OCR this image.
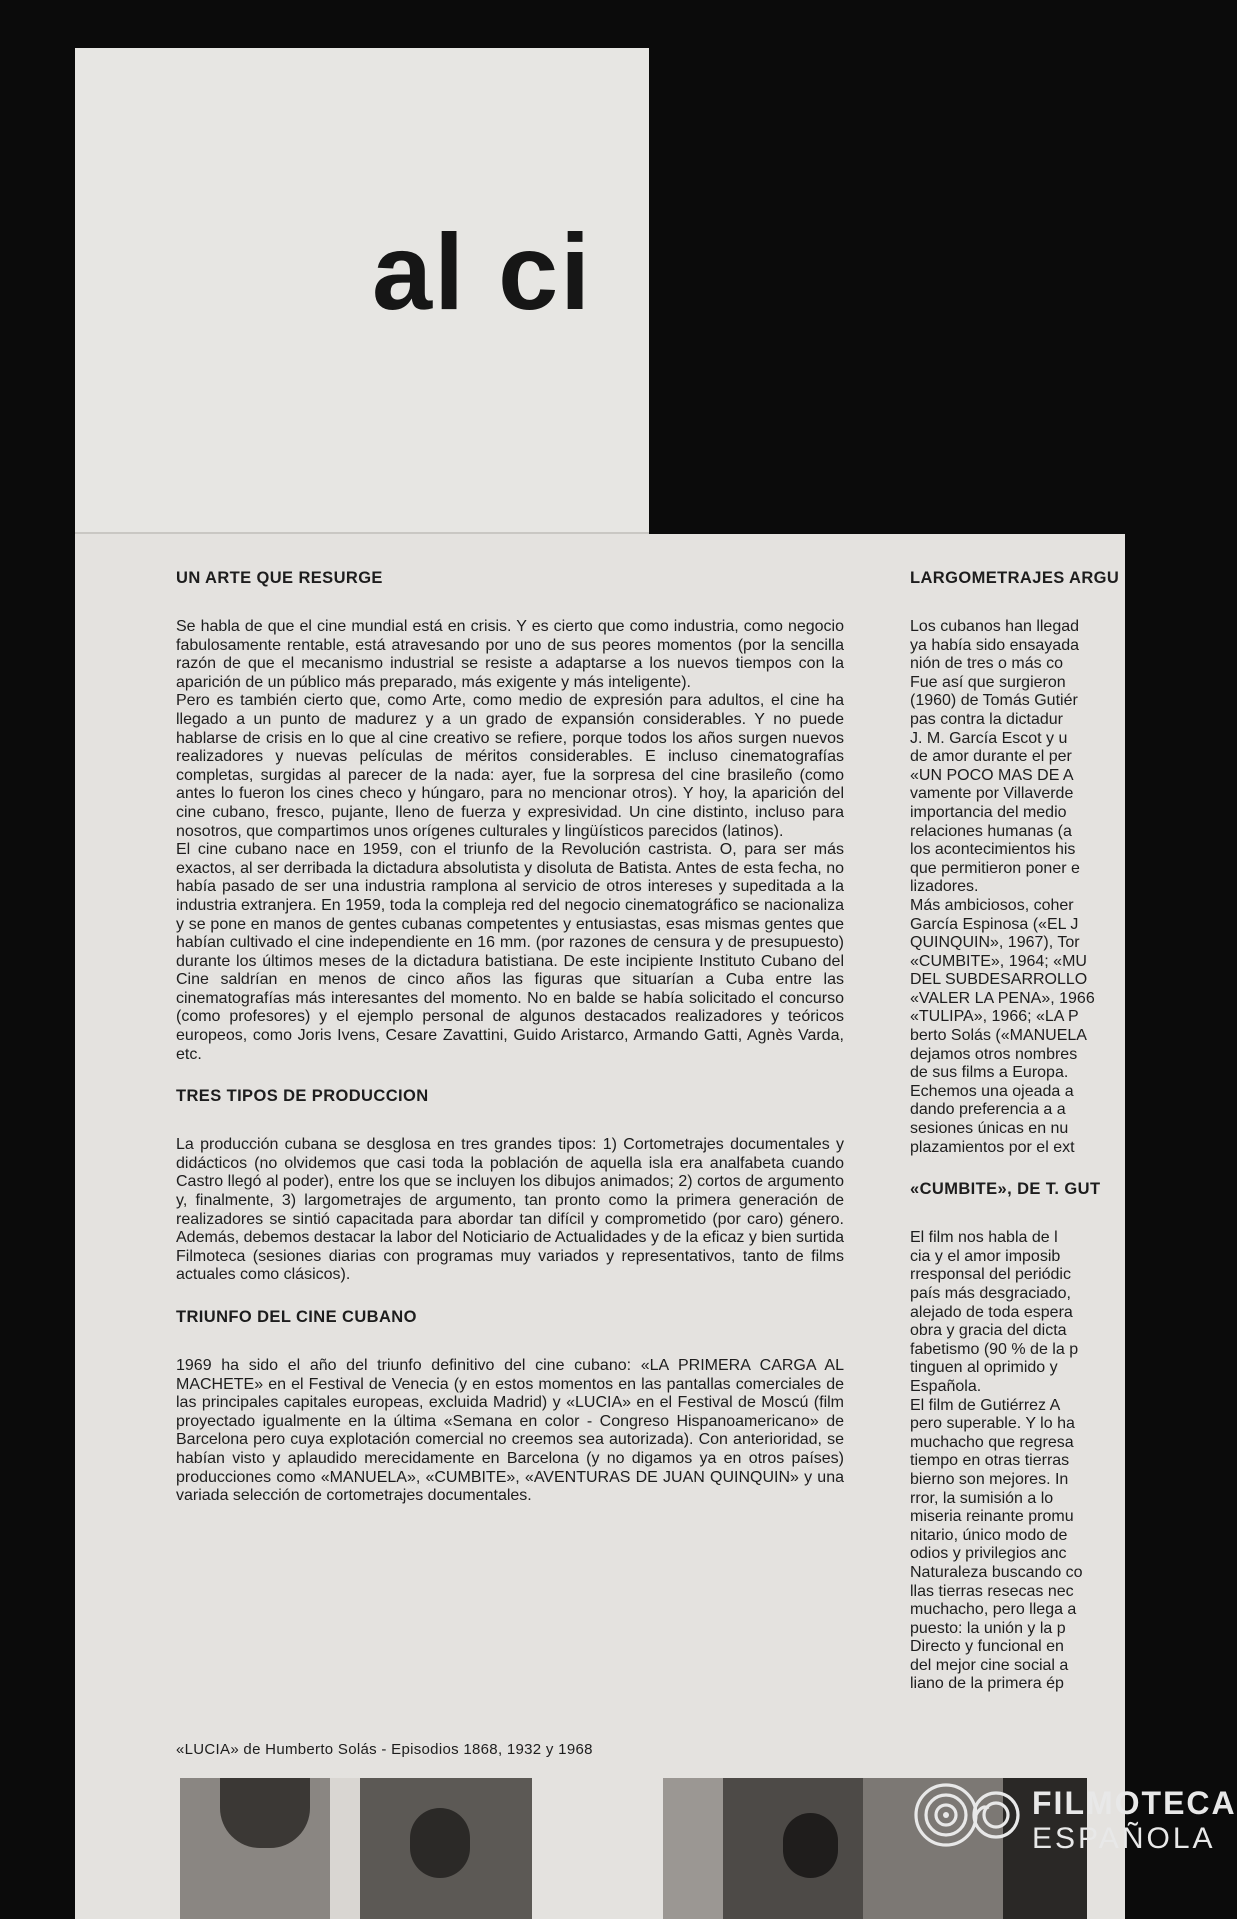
al ci
UN ARTE QUE RESURGE

Se habla de que el cine mundial está en crisis. Y es cierto que como industria, como negocio fabulosamente rentable, está atravesando por uno de sus peores momentos (por la sencilla razón de que el mecanismo industrial se resiste a adaptarse a los nuevos tiempos con la aparición de un público más preparado, más exigente y más inteligente).
Pero es también cierto que, como Arte, como medio de expresión para adultos, el cine ha llegado a un punto de madurez y a un grado de expansión considerables. Y no puede hablarse de crisis en lo que al cine creativo se refiere, porque todos los años surgen nuevos realizadores y nuevas películas de méritos considerables. E incluso cinematografías completas, surgidas al parecer de la nada: ayer, fue la sorpresa del cine brasileño (como antes lo fueron los cines checo y húngaro, para no mencionar otros). Y hoy, la aparición del cine cubano, fresco, pujante, lleno de fuerza y expresividad. Un cine distinto, incluso para nosotros, que compartimos unos orígenes culturales y lingüísticos parecidos (latinos).
El cine cubano nace en 1959, con el triunfo de la Revolución castrista. O, para ser más exactos, al ser derribada la dictadura absolutista y disoluta de Batista. Antes de esta fecha, no había pasado de ser una industria ramplona al servicio de otros intereses y supeditada a la industria extranjera. En 1959, toda la compleja red del negocio cinematográfico se nacionaliza y se pone en manos de gentes cubanas competentes y entusiastas, esas mismas gentes que habían cultivado el cine independiente en 16 mm. (por razones de censura y de presupuesto) durante los últimos meses de la dictadura batistiana. De este incipiente Instituto Cubano del Cine saldrían en menos de cinco años las figuras que situarían a Cuba entre las cinematografías más interesantes del momento. No en balde se había solicitado el concurso (como profesores) y el ejemplo personal de algunos destacados realizadores y teóricos europeos, como Joris Ivens, Cesare Zavattini, Guido Aristarco, Armando Gatti, Agnès Varda, etc.

TRES TIPOS DE PRODUCCION

La producción cubana se desglosa en tres grandes tipos: 1) Cortometrajes documentales y didácticos (no olvidemos que casi toda la población de aquella isla era analfabeta cuando Castro llegó al poder), entre los que se incluyen los dibujos animados; 2) cortos de argumento y, finalmente, 3) largometrajes de argumento, tan pronto como la primera generación de realizadores se sintió capacitada para abordar tan difícil y comprometido (por caro) género. Además, debemos destacar la labor del Noticiario de Actualidades y de la eficaz y bien surtida Filmoteca (sesiones diarias con programas muy variados y representativos, tanto de films actuales como clásicos).

TRIUNFO DEL CINE CUBANO

1969 ha sido el año del triunfo definitivo del cine cubano: «LA PRIMERA CARGA AL MACHETE» en el Festival de Venecia (y en estos momentos en las pantallas comerciales de las principales capitales europeas, excluida Madrid) y «LUCIA» en el Festival de Moscú (film proyectado igualmente en la última «Semana en color - Congreso Hispanoamericano» de Barcelona pero cuya explotación comercial no creemos sea autorizada). Con anterioridad, se habían visto y aplaudido merecidamente en Barcelona (y no digamos ya en otros países) producciones como «MANUELA», «CUMBITE», «AVENTURAS DE JUAN QUINQUIN» y una variada selección de cortometrajes documentales.

LARGOMETRAJES ARGU

Los cubanos han llegad
ya había sido ensayada
nión de tres o más co
Fue así que surgieron
(1960) de Tomás Gutiér
pas contra la dictadur
J. M. García Escot y u
de amor durante el per
«UN POCO MAS DE A
vamente por Villaverde
importancia del medio
relaciones humanas (a
los acontecimientos his
que permitieron poner e
lizadores.
Más ambiciosos, coher
García Espinosa («EL J
QUINQUIN», 1967), Tor
«CUMBITE», 1964; «MU
DEL SUBDESARROLLO
«VALER LA PENA», 1966
«TULIPA», 1966; «LA P
berto Solás («MANUELA
dejamos otros nombres
de sus films a Europa.
Echemos una ojeada a
dando preferencia a a
sesiones únicas en nu
plazamientos por el ext

«CUMBITE», DE T. GUT

El film nos habla de l
cia y el amor imposib
rresponsal del periódic
país más desgraciado,
alejado de toda espera
obra y gracia del dicta
fabetismo (90 % de la p
tinguen al oprimido y
Española.
El film de Gutiérrez A
pero superable. Y lo ha
muchacho que regresa
tiempo en otras tierras
bierno son mejores. In
rror, la sumisión a lo
miseria reinante promu
nitario, único modo de
odios y privilegios anc
Naturaleza buscando co
llas tierras resecas nec
muchacho, pero llega a
puesto: la unión y la p
Directo y funcional en
del mejor cine social a
liano de la primera ép

«LUCIA» de Humberto Solás - Episodios 1868, 1932 y 1968
FILMOTECA
ESPAÑOLA
